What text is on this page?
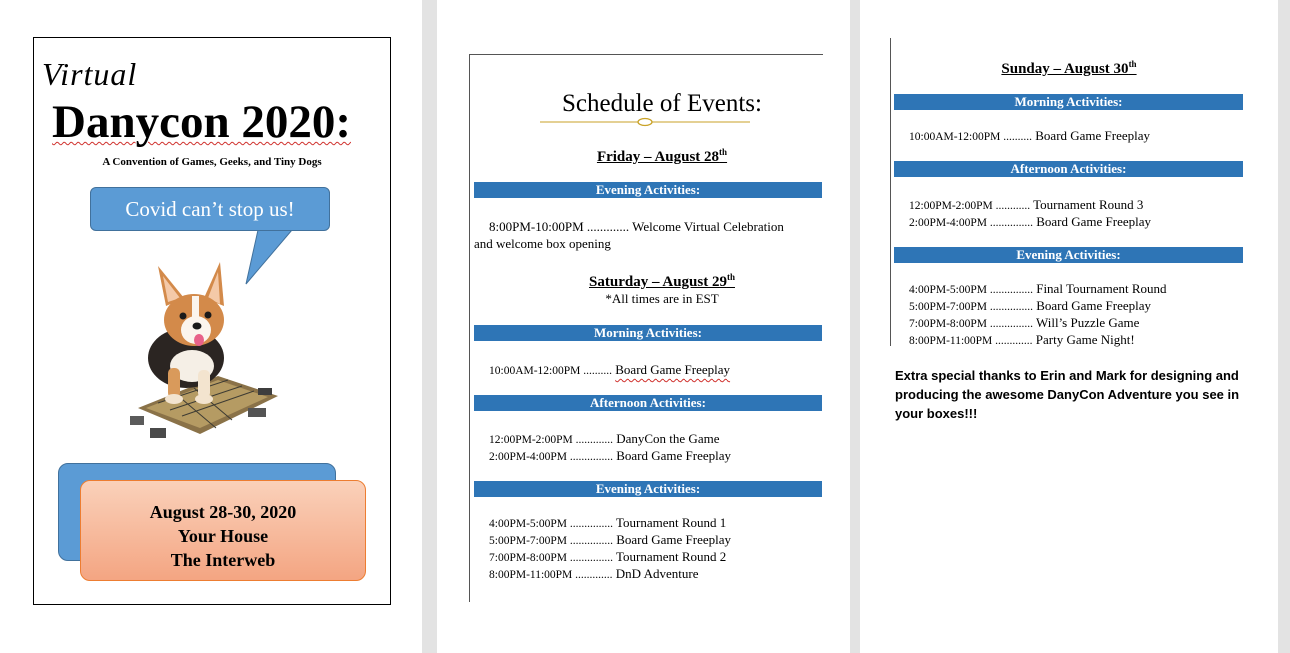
Virtual
Danycon 2020:
A Convention of Games, Geeks, and Tiny Dogs
Covid can’t stop us!
August 28-30, 2020
Your House
The Interweb
Schedule of Events:
Friday – August 28th
Evening Activities:
8:00PM-10:00PM ............. Welcome Virtual Celebration
and welcome box opening
Saturday – August 29th
*All times are in EST
Morning Activities:
10:00AM-12:00PM .......... Board Game Freeplay
Afternoon Activities:
12:00PM-2:00PM ............. DanyCon the Game
2:00PM-4:00PM ............... Board Game Freeplay
Evening Activities:
4:00PM-5:00PM ............... Tournament Round 1
5:00PM-7:00PM ............... Board Game Freeplay
7:00PM-8:00PM ............... Tournament Round 2
8:00PM-11:00PM ............. DnD Adventure
Sunday – August 30th
Morning Activities:
10:00AM-12:00PM .......... Board Game Freeplay
Afternoon Activities:
12:00PM-2:00PM ............ Tournament Round 3
2:00PM-4:00PM ............... Board Game Freeplay
Evening Activities:
4:00PM-5:00PM ............... Final Tournament Round
5:00PM-7:00PM ............... Board Game Freeplay
7:00PM-8:00PM ............... Will’s Puzzle Game
8:00PM-11:00PM ............. Party Game Night!
Extra special thanks to Erin and Mark for designing and producing the awesome DanyCon Adventure you see in your boxes!!!
